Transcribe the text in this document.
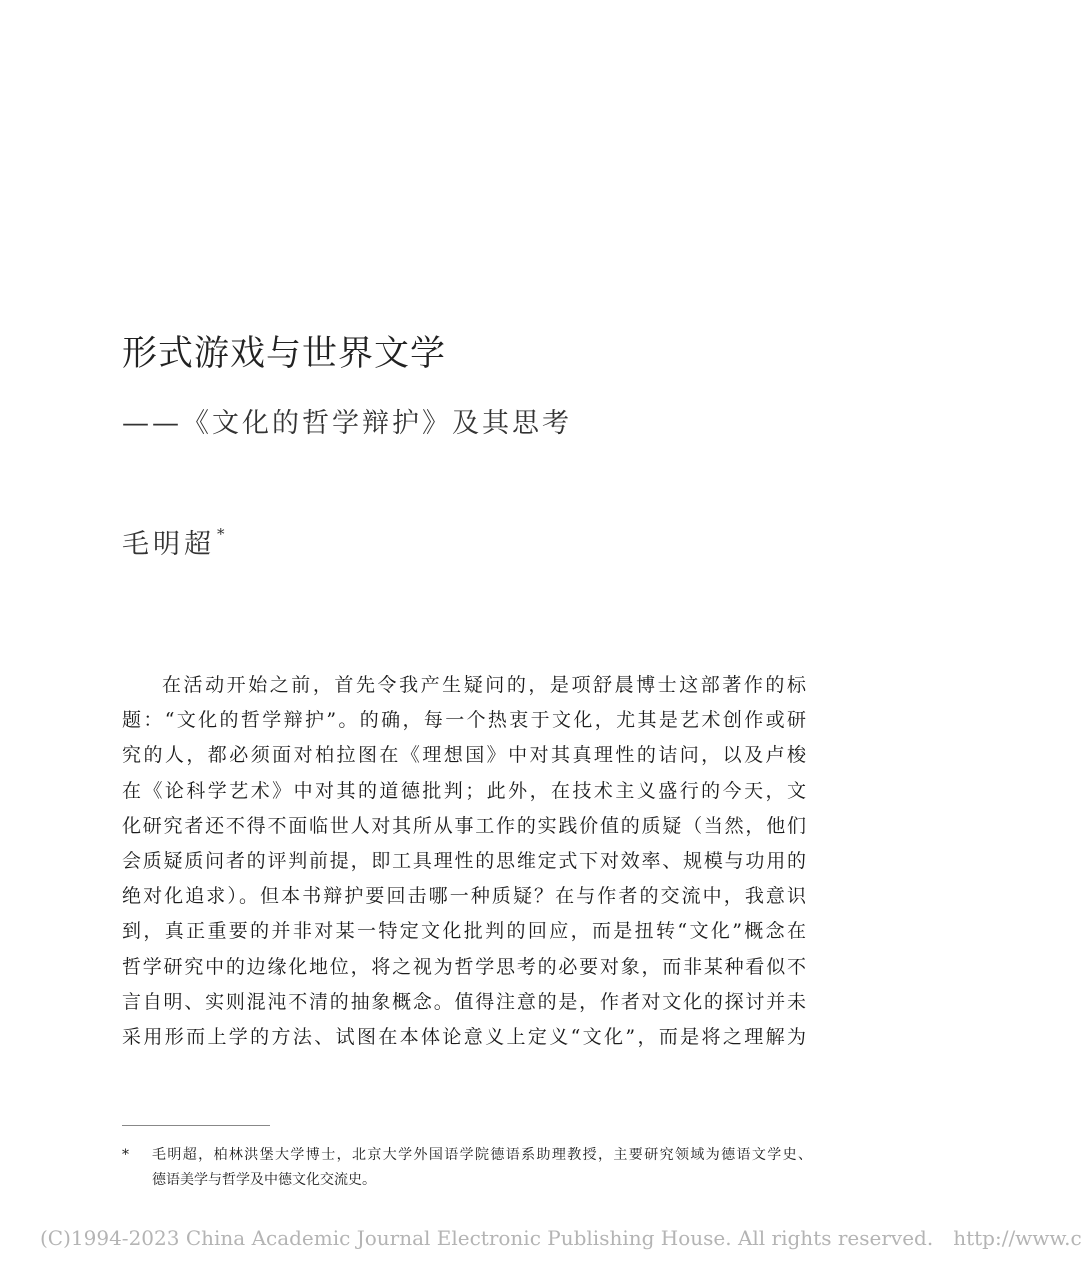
形式游戏与世界文学
——《文化的哲学辩护》及其思考
毛明超 *
在活动开始之前，首先令我产生疑问的，是项舒晨博士这部著作的标
题：“文化的哲学辩护”。的确，每一个热衷于文化，尤其是艺术创作或研
究的人，都必须面对柏拉图在《理想国》中对其真理性的诘问，以及卢梭
在《论科学艺术》中对其的道德批判；此外，在技术主义盛行的今天，文
化研究者还不得不面临世人对其所从事工作的实践价值的质疑（当然，他们
会质疑质问者的评判前提，即工具理性的思维定式下对效率、规模与功用的
绝对化追求）。但本书辩护要回击哪一种质疑？在与作者的交流中，我意识
到，真正重要的并非对某一特定文化批判的回应，而是扭转“文化”概念在
哲学研究中的边缘化地位，将之视为哲学思考的必要对象，而非某种看似不
言自明、实则混沌不清的抽象概念。值得注意的是，作者对文化的探讨并未
采用形而上学的方法、试图在本体论意义上定义“文化”，而是将之理解为
* 毛明超，柏林洪堡大学博士，北京大学外国语学院德语系助理教授，主要研究领域为德语文学史、
德语美学与哲学及中德文化交流史。
(C)1994-2023 China Academic Journal Electronic Publishing House. All rights reserved. http://www.c
